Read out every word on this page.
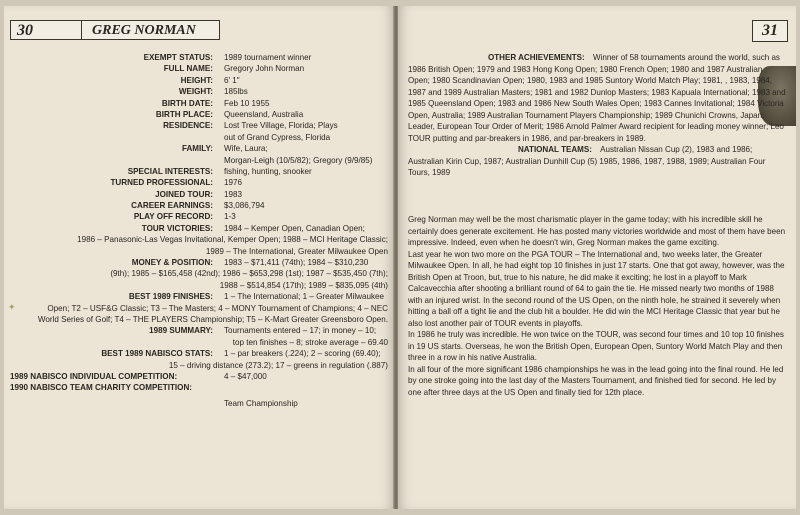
30	GREG NORMAN
EXEMPT STATUS: 1989 tournament winner
FULL NAME: Gregory John Norman
HEIGHT: 6' 1"
WEIGHT: 185lbs
BIRTH DATE: Feb 10 1955
BIRTH PLACE: Queensland, Australia
RESIDENCE: Lost Tree Village, Florida; Plays
out of Grand Cypress, Florida
FAMILY: Wife, Laura;
Morgan-Leigh (10/5/82); Gregory (9/9/85)
SPECIAL INTERESTS: fishing, hunting, snooker
TURNED PROFESSIONAL: 1976
JOINED TOUR: 1983
CAREER EARNINGS: $3,086,794
PLAY OFF RECORD: 1-3
TOUR VICTORIES: 1984 – Kemper Open, Canadian Open;
1986 – Panasonic-Las Vegas Invitational, Kemper Open; 1988 – MCI Heritage Classic;
1989 – The International, Greater Milwaukee Open
MONEY & POSITION: 1983 – $71,411 (74th); 1984 – $310,230
(9th); 1985 – $165,458 (42nd); 1986 – $653,298 (1st); 1987 – $535,450 (7th);
1988 – $514,854 (17th); 1989 – $835,095 (4th)
BEST 1989 FINISHES: 1 – The International; 1 – Greater Milwaukee
Open; T2 – USF&G Classic; T3 – The Masters; 4 – MONY Tournament of Champions; 4 – NEC
World Series of Golf; T4 – THE PLAYERS Championship; T5 – K-Mart Greater Greensboro Open.
1989 SUMMARY: Tournaments entered – 17; in money – 10;
top ten finishes – 8; stroke average – 69.40
BEST 1989 NABISCO STATS: 1 – par breakers (.224); 2 – scoring (69.40);
15 – driving distance (273.2); 17 – greens in regulation (.887)
1989 NABISCO INDIVIDUAL COMPETITION:	4 – $47,000
1990 NABISCO TEAM CHARITY COMPETITION:
Team Championship
✦
31
OTHER ACHIEVEMENTS: Winner of 58 tournaments around the world, such as 1986 British Open; 1979 and 1983 Hong Kong Open; 1980 French Open; 1980 and 1987 Australian Open; 1980 Scandinavian Open; 1980, 1983 and 1985 Suntory World Match Play; 1981, , 1983, 1984, 1987 and 1989 Australian Masters; 1981 and 1982 Dunlop Masters; 1983 Kapuala International; 1983 and 1985 Queensland Open; 1983 and 1986 New South Wales Open; 1983 Cannes Invitational; 1984 Victoria Open, Australia; 1989 Australian Tournament Players Championship; 1989 Chunichi Crowns, Japan; Leader, European Tour Order of Merit; 1986 Arnold Palmer Award recipient for leading money winner; Leo TOUR putting and par-breakers in 1986, and par-breakers in 1989.
NATIONAL TEAMS: Australian Nissan Cup (2), 1983 and 1986; Australian Kirin Cup, 1987; Australian Dunhill Cup (5) 1985, 1986, 1987, 1988, 1989; Australian Four Tours, 1989

Greg Norman may well be the most charismatic player in the game today; with his incredible skill he certainly does generate excitement. He has posted many victories worldwide and most of them have been impressive. Indeed, even when he doesn't win, Greg Norman makes the game exciting.

Last year he won two more on the PGA TOUR – The International and, two weeks later, the Greater Milwaukee Open. In all, he had eight top 10 finishes in just 17 starts. One that got away, however, was the British Open at Troon, but, true to his nature, he did make it exciting; he lost in a playoff to Mark Calcavecchia after shooting a brilliant round of 64 to gain the tie. He missed nearly two months of 1988 with an injured wrist. In the second round of the US Open, on the ninth hole, he strained it severely when hitting a ball off a tight lie and the club hit a boulder. He did win the MCI Heritage Classic that year but he also lost another pair of TOUR events in playoffs.

In 1986 he truly was incredible. He won twice on the TOUR, was second four times and 10 top 10 finishes in 19 US starts. Overseas, he won the British Open, European Open, Suntory World Match Play and then three in a row in his native Australia.

In all four of the more significant 1986 championships he was in the lead going into the final round. He led by one stroke going into the last day of the Masters Tournament, and finished tied for second. He led by one after three days at the US Open and finally tied for 12th place.
